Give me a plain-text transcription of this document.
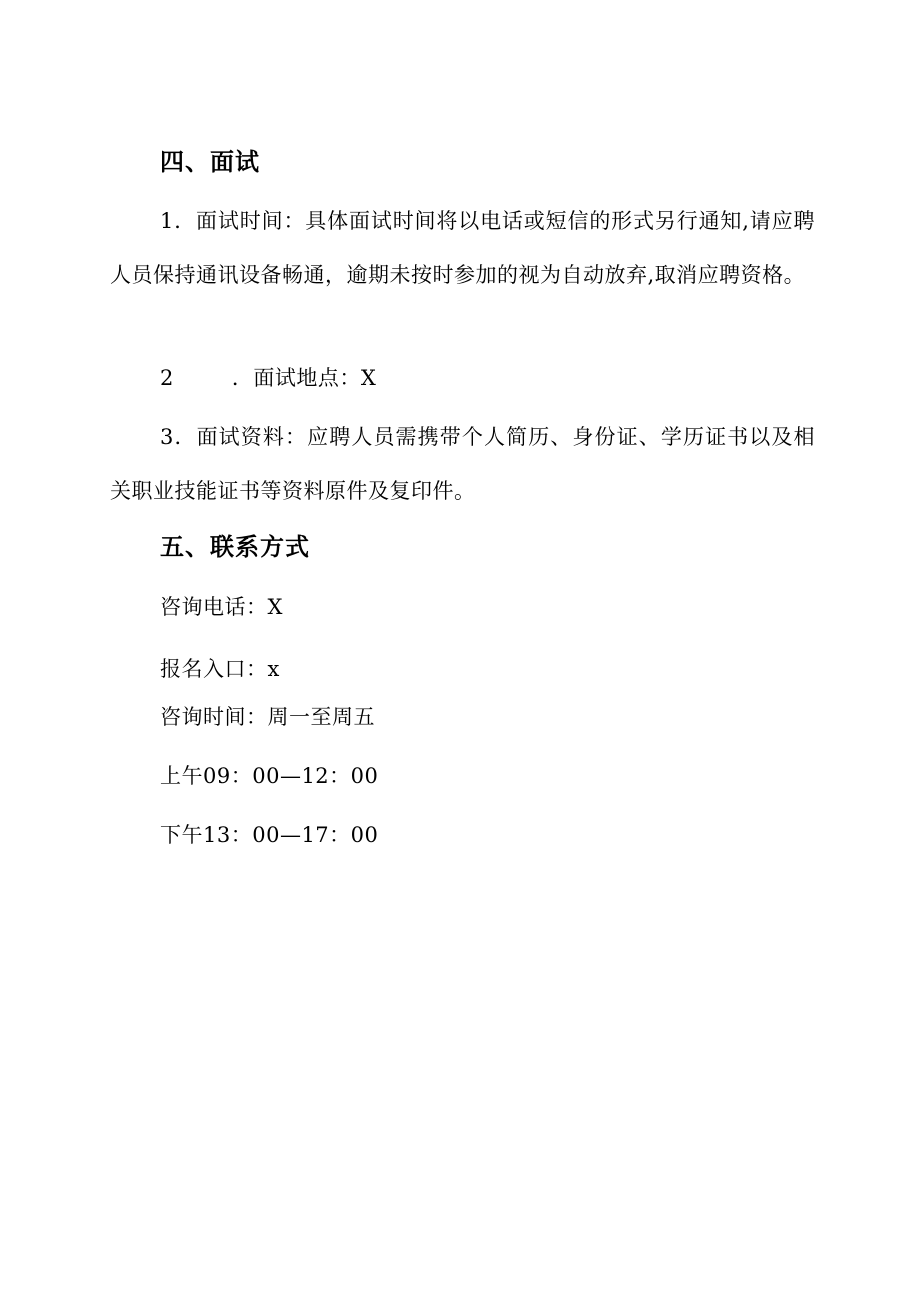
四、面试
1．面试时间：具体面试时间将以电话或短信的形式另行通知,请应聘人员保持通讯设备畅通，逾期未按时参加的视为自动放弃,取消应聘资格。
2	．面试地点：X
3．面试资料：应聘人员需携带个人简历、身份证、学历证书以及相关职业技能证书等资料原件及复印件。
五、联系方式
咨询电话：X
报名入口：x
咨询时间：周一至周五
上午09：00—12：00
下午13：00—17：00
